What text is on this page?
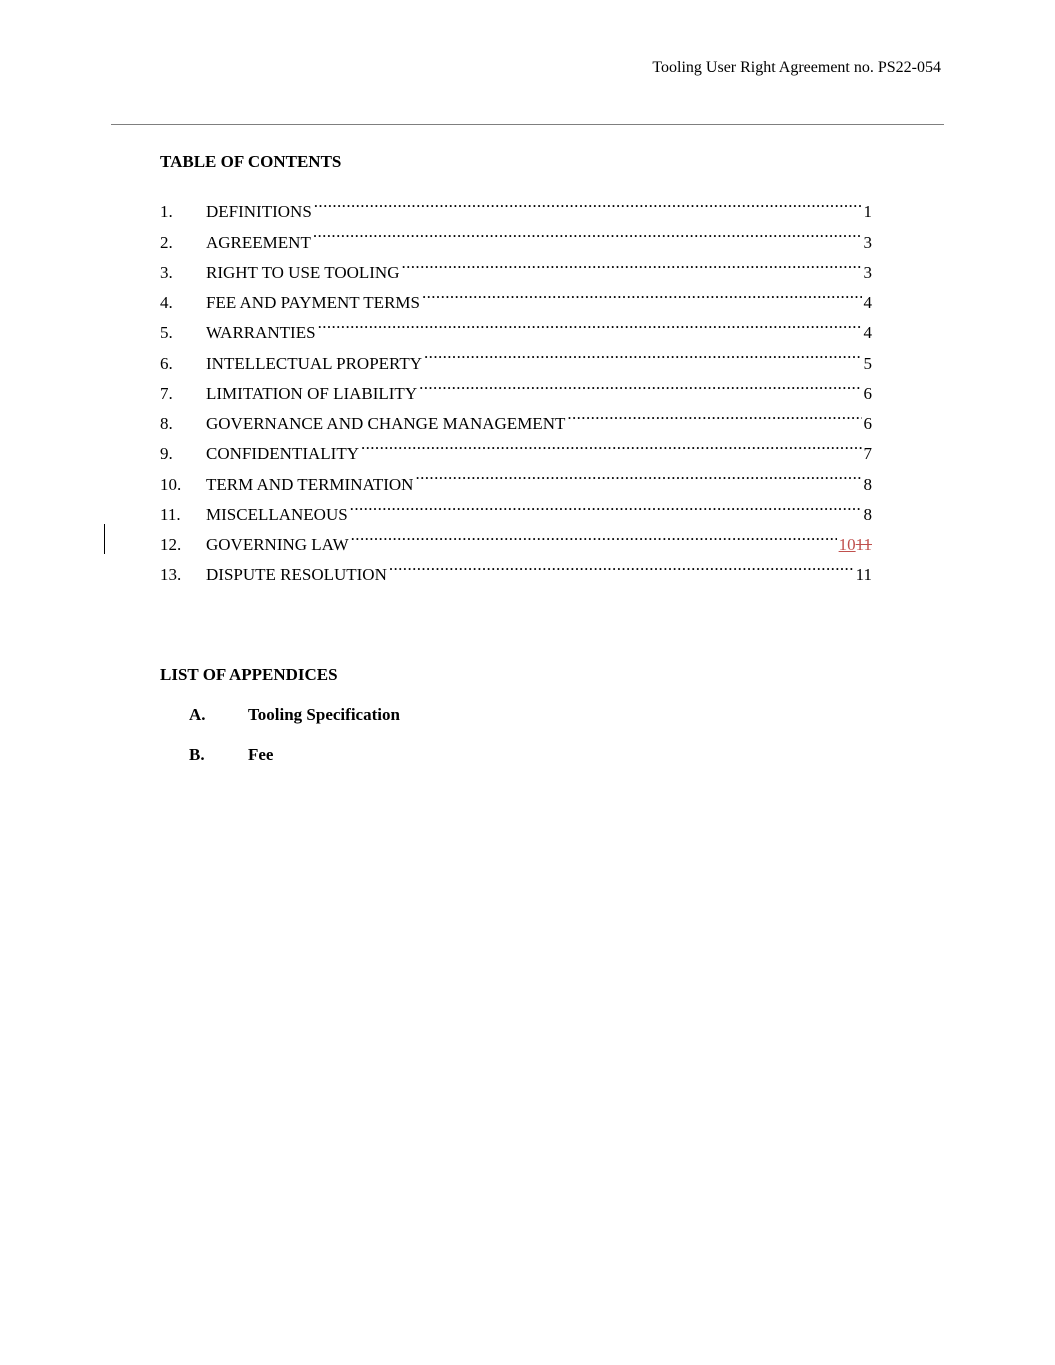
Tooling User Right Agreement no. PS22-054
TABLE OF CONTENTS
1.	DEFINITIONS .....	1
2.	AGREEMENT .....	3
3.	RIGHT TO USE TOOLING .....	3
4.	FEE AND PAYMENT TERMS .....	4
5.	WARRANTIES .....	4
6.	INTELLECTUAL PROPERTY .....	5
7.	LIMITATION OF LIABILITY .....	6
8.	GOVERNANCE AND CHANGE MANAGEMENT .....	6
9.	CONFIDENTIALITY .....	7
10.	TERM AND TERMINATION .....	8
11.	MISCELLANEOUS .....	8
12.	GOVERNING LAW .....	1011
13.	DISPUTE RESOLUTION .....	11
LIST OF APPENDICES
A.	Tooling Specification
B.	Fee
